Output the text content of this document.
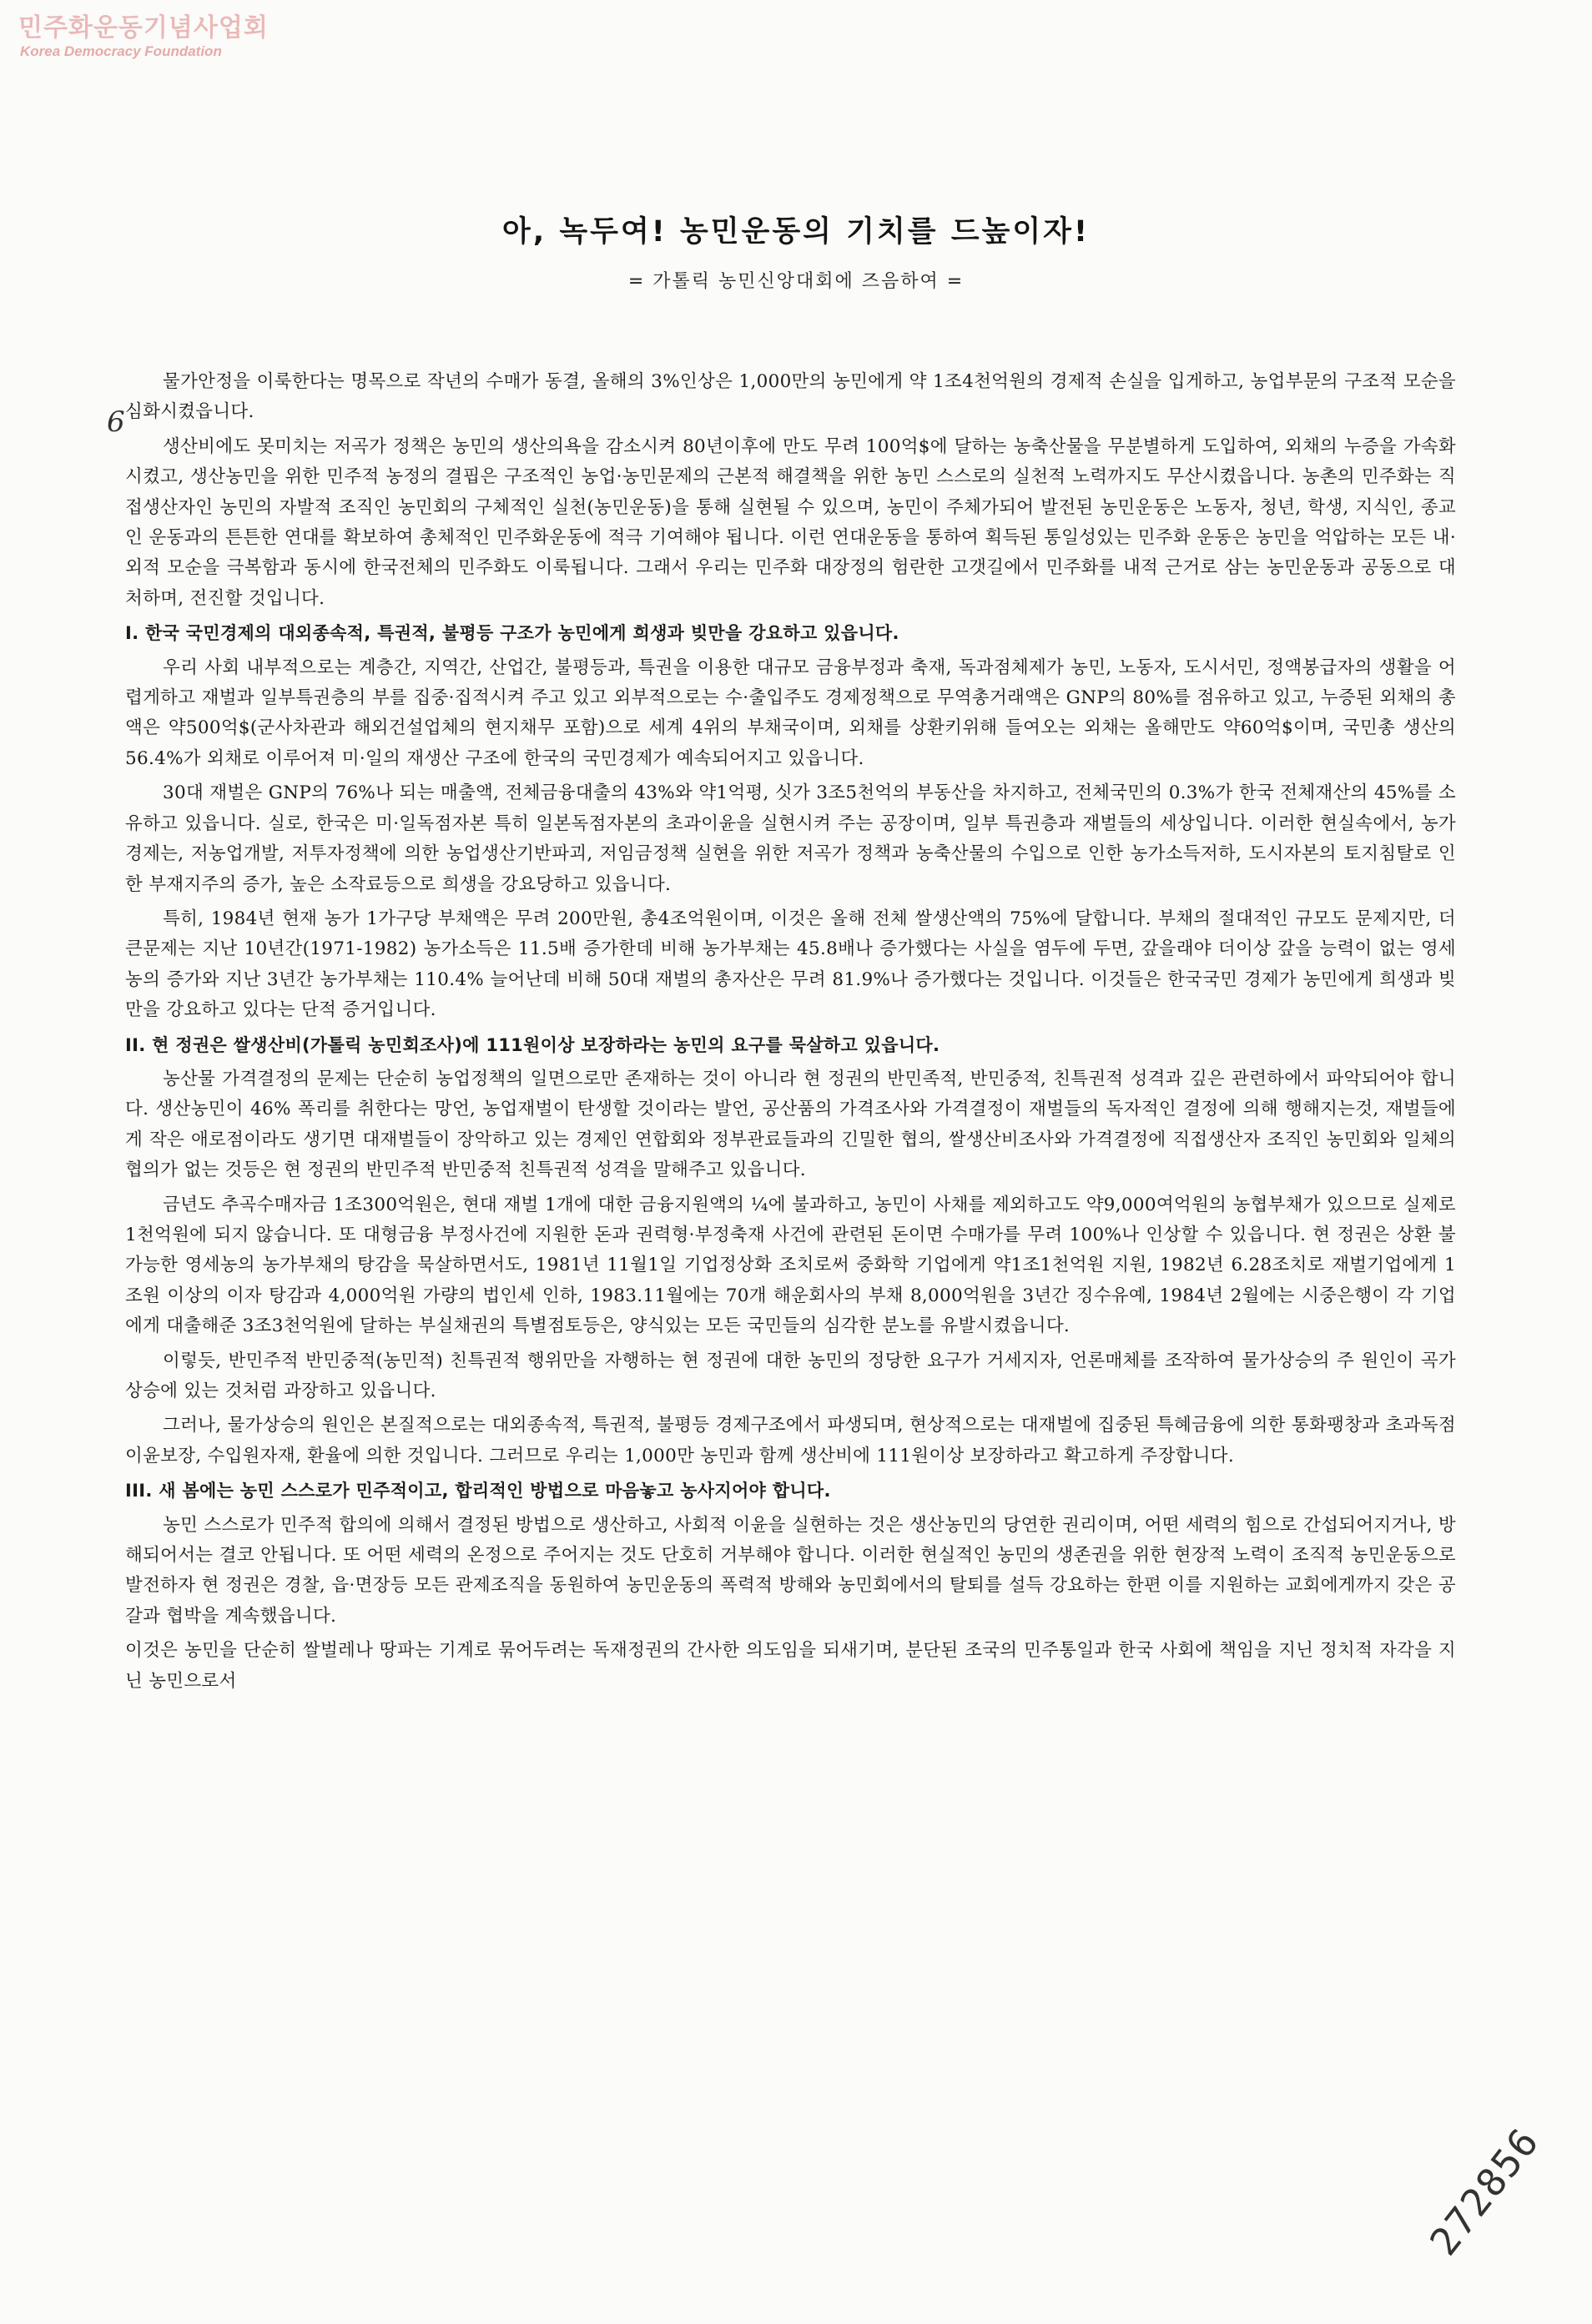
민주화운동기념사업회
Korea Democracy Foundation
아, 녹두여! 농민운동의 기치를 드높이자!
= 가톨릭 농민신앙대회에 즈음하여 =
6

물가안정을 이룩한다는 명목으로 작년의 수매가 동결, 올해의 3%인상은 1,000만의 농민에게 약 1조4천억원의 경제적 손실을 입게하고, 농업부문의 구조적 모순을 심화시켰읍니다.

생산비에도 못미치는 저곡가 정책은 농민의 생산의욕을 감소시켜 80년이후에 만도 무려 100억$에 달하는 농축산물을 무분별하게 도입하여, 외채의 누증을 가속화 시켰고, 생산농민을 위한 민주적 농정의 결핍은 구조적인 농업·농민문제의 근본적 해결책을 위한 농민 스스로의 실천적 노력까지도 무산시켰읍니다. 농촌의 민주화는 직접생산자인 농민의 자발적 조직인 농민회의 구체적인 실천(농민운동)을 통해 실현될 수 있으며, 농민이 주체가되어 발전된 농민운동은 노동자, 청년, 학생, 지식인, 종교인 운동과의 튼튼한 연대를 확보하여 총체적인 민주화운동에 적극 기여해야 됩니다. 이런 연대운동을 통하여 획득된 통일성있는 민주화 운동은 농민을 억압하는 모든 내·외적 모순을 극복함과 동시에 한국전체의 민주화도 이룩됩니다. 그래서 우리는 민주화 대장정의 험란한 고갯길에서 민주화를 내적 근거로 삼는 농민운동과 공동으로 대처하며, 전진할 것입니다.

I. 한국 국민경제의 대외종속적, 특권적, 불평등 구조가 농민에게 희생과 빚만을 강요하고 있읍니다.

우리 사회 내부적으로는 계층간, 지역간, 산업간, 불평등과, 특권을 이용한 대규모 금융부정과 축재, 독과점체제가 농민, 노동자, 도시서민, 정액봉급자의 생활을 어렵게하고 재벌과 일부특권층의 부를 집중·집적시켜 주고 있고 외부적으로는 수·출입주도 경제정책으로 무역총거래액은 GNP의 80%를 점유하고 있고, 누증된 외채의 총액은 약500억$(군사차관과 해외건설업체의 현지채무 포함)으로 세계 4위의 부채국이며, 외채를 상환키위해 들여오는 외채는 올해만도 약60억$이며, 국민총 생산의 56.4%가 외채로 이루어져 미·일의 재생산 구조에 한국의 국민경제가 예속되어지고 있읍니다.

30대 재벌은 GNP의 76%나 되는 매출액, 전체금융대출의 43%와 약1억평, 싯가 3조5천억의 부동산을 차지하고, 전체국민의 0.3%가 한국 전체재산의 45%를 소유하고 있읍니다. 실로, 한국은 미·일독점자본 특히 일본독점자본의 초과이윤을 실현시켜 주는 공장이며, 일부 특권층과 재벌들의 세상입니다. 이러한 현실속에서, 농가경제는, 저농업개발, 저투자정책에 의한 농업생산기반파괴, 저임금정책 실현을 위한 저곡가 정책과 농축산물의 수입으로 인한 농가소득저하, 도시자본의 토지침탈로 인한 부재지주의 증가, 높은 소작료등으로 희생을 강요당하고 있읍니다.

특히, 1984년 현재 농가 1가구당 부채액은 무려 200만원, 총4조억원이며, 이것은 올해 전체 쌀생산액의 75%에 달합니다. 부채의 절대적인 규모도 문제지만, 더 큰문제는 지난 10년간(1971-1982) 농가소득은 11.5배 증가한데 비해 농가부채는 45.8배나 증가했다는 사실을 염두에 두면, 갚을래야 더이상 갚을 능력이 없는 영세농의 증가와 지난 3년간 농가부채는 110.4% 늘어난데 비해 50대 재벌의 총자산은 무려 81.9%나 증가했다는 것입니다. 이것들은 한국국민 경제가 농민에게 희생과 빚만을 강요하고 있다는 단적 증거입니다.

II. 현 정권은 쌀생산비(가톨릭 농민회조사)에 111원이상 보장하라는 농민의 요구를 묵살하고 있읍니다.

농산물 가격결정의 문제는 단순히 농업정책의 일면으로만 존재하는 것이 아니라 현 정권의 반민족적, 반민중적, 친특권적 성격과 깊은 관련하에서 파악되어야 합니다. 생산농민이 46% 폭리를 취한다는 망언, 농업재벌이 탄생할 것이라는 발언, 공산품의 가격조사와 가격결정이 재벌들의 독자적인 결정에 의해 행해지는것, 재벌들에게 작은 애로점이라도 생기면 대재벌들이 장악하고 있는 경제인 연합회와 정부관료들과의 긴밀한 협의, 쌀생산비조사와 가격결정에 직접생산자 조직인 농민회와 일체의 협의가 없는 것등은 현 정권의 반민주적 반민중적 친특권적 성격을 말해주고 있읍니다.

금년도 추곡수매자금 1조300억원은, 현대 재벌 1개에 대한 금융지원액의 ¼에 불과하고, 농민이 사채를 제외하고도 약9,000여억원의 농협부채가 있으므로 실제로 1천억원에 되지 않습니다. 또 대형금융 부정사건에 지원한 돈과 권력형·부정축재 사건에 관련된 돈이면 수매가를 무려 100%나 인상할 수 있읍니다. 현 정권은 상환 불가능한 영세농의 농가부채의 탕감을 묵살하면서도, 1981년 11월1일 기업정상화 조치로써 중화학 기업에게 약1조1천억원 지원, 1982년 6.28조치로 재벌기업에게 1조원 이상의 이자 탕감과 4,000억원 가량의 법인세 인하, 1983.11월에는 70개 해운회사의 부채 8,000억원을 3년간 징수유예, 1984년 2월에는 시중은행이 각 기업에게 대출해준 3조3천억원에 달하는 부실채권의 특별점토등은, 양식있는 모든 국민들의 심각한 분노를 유발시켰읍니다.

이렇듯, 반민주적 반민중적(농민적) 친특권적 행위만을 자행하는 현 정권에 대한 농민의 정당한 요구가 거세지자, 언론매체를 조작하여 물가상승의 주 원인이 곡가상승에 있는 것처럼 과장하고 있읍니다.

그러나, 물가상승의 원인은 본질적으로는 대외종속적, 특권적, 불평등 경제구조에서 파생되며, 현상적으로는 대재벌에 집중된 특혜금융에 의한 통화팽창과 초과독점 이윤보장, 수입원자재, 환율에 의한 것입니다. 그러므로 우리는 1,000만 농민과 함께 생산비에 111원이상 보장하라고 확고하게 주장합니다.

III. 새 봄에는 농민 스스로가 민주적이고, 합리적인 방법으로 마음놓고 농사지어야 합니다.

농민 스스로가 민주적 합의에 의해서 결정된 방법으로 생산하고, 사회적 이윤을 실현하는 것은 생산농민의 당연한 권리이며, 어떤 세력의 힘으로 간섭되어지거나, 방해되어서는 결코 안됩니다. 또 어떤 세력의 온정으로 주어지는 것도 단호히 거부해야 합니다. 이러한 현실적인 농민의 생존권을 위한 현장적 노력이 조직적 농민운동으로 발전하자 현 정권은 경찰, 읍·면장등 모든 관제조직을 동원하여 농민운동의 폭력적 방해와 농민회에서의 탈퇴를 설득 강요하는 한편 이를 지원하는 교회에게까지 갖은 공갈과 협박을 계속했읍니다.

이것은 농민을 단순히 쌀벌레나 땅파는 기계로 묶어두려는 독재정권의 간사한 의도임을 되새기며, 분단된 조국의 민주통일과 한국 사회에 책임을 지닌 정치적 자각을 지닌 농민으로서

272856
